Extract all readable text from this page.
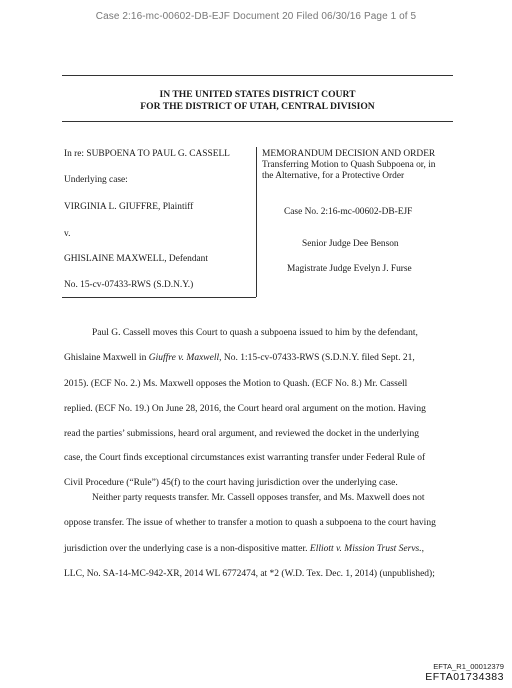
Case 2:16-mc-00602-DB-EJF Document 20 Filed 06/30/16 Page 1 of 5
IN THE UNITED STATES DISTRICT COURT
FOR THE DISTRICT OF UTAH, CENTRAL DIVISION
In re: SUBPOENA TO PAUL G. CASSELL
Underlying case:
VIRGINIA L. GIUFFRE, Plaintiff
v.
GHISLAINE MAXWELL, Defendant
No. 15-cv-07433-RWS (S.D.N.Y.)
MEMORANDUM DECISION AND ORDER
Transferring Motion to Quash Subpoena or, in
the Alternative, for a Protective Order
Case No. 2:16-mc-00602-DB-EJF
Senior Judge Dee Benson
Magistrate Judge Evelyn J. Furse
Paul G. Cassell moves this Court to quash a subpoena issued to him by the defendant,
Ghislaine Maxwell in Giuffre v. Maxwell, No. 1:15-cv-07433-RWS (S.D.N.Y. filed Sept. 21,
2015). (ECF No. 2.) Ms. Maxwell opposes the Motion to Quash. (ECF No. 8.) Mr. Cassell
replied. (ECF No. 19.) On June 28, 2016, the Court heard oral argument on the motion. Having
read the parties’ submissions, heard oral argument, and reviewed the docket in the underlying
case, the Court finds exceptional circumstances exist warranting transfer under Federal Rule of
Civil Procedure (“Rule”) 45(f) to the court having jurisdiction over the underlying case.
Neither party requests transfer. Mr. Cassell opposes transfer, and Ms. Maxwell does not
oppose transfer. The issue of whether to transfer a motion to quash a subpoena to the court having
jurisdiction over the underlying case is a non-dispositive matter. Elliott v. Mission Trust Servs.,
LLC, No. SA-14-MC-942-XR, 2014 WL 6772474, at *2 (W.D. Tex. Dec. 1, 2014) (unpublished);
EFTA_R1_00012379
EFTA01734383
